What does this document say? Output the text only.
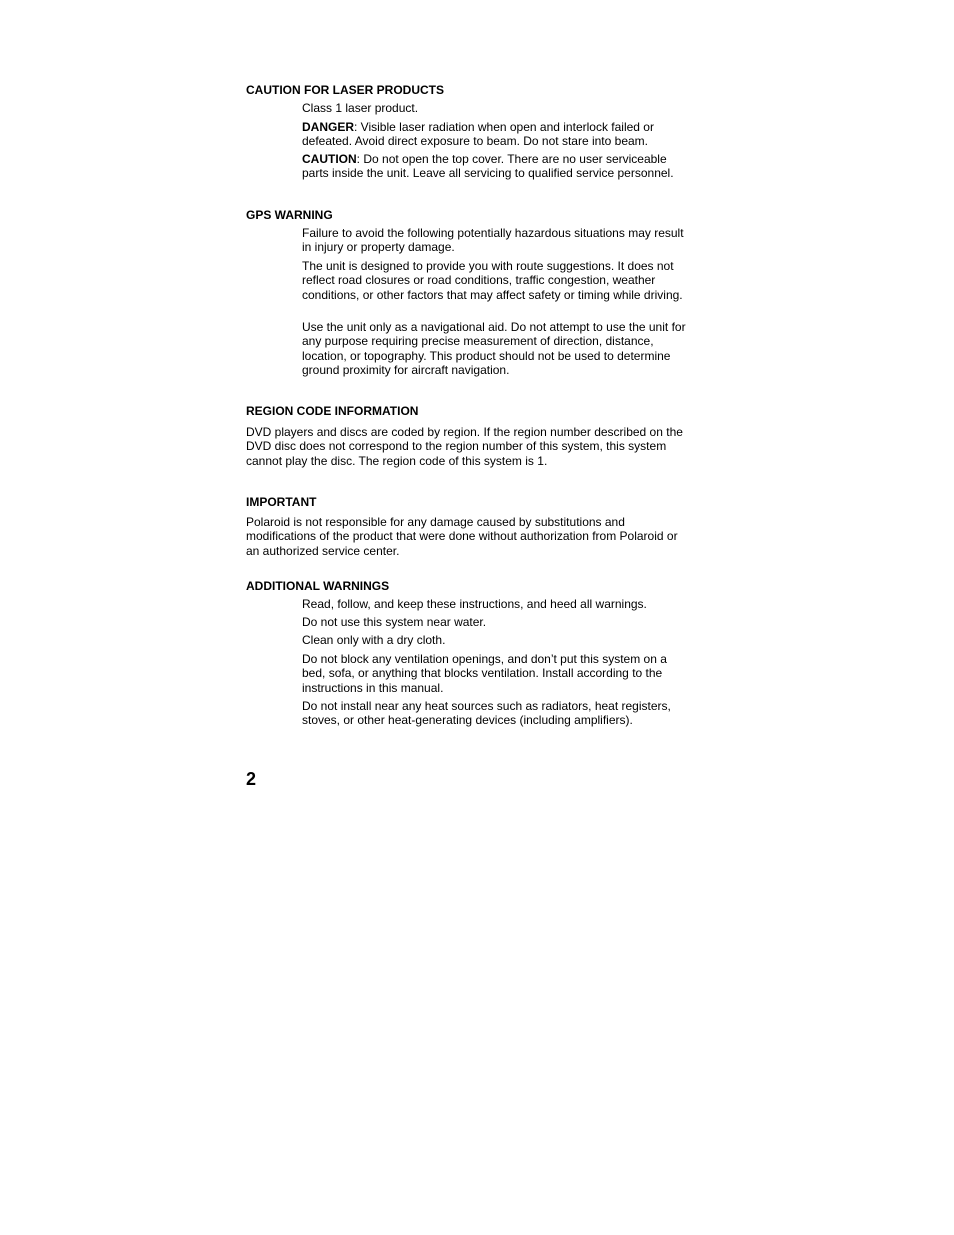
CAUTION FOR LASER PRODUCTS

Class 1 laser product.

DANGER: Visible laser radiation when open and interlock failed or defeated. Avoid direct exposure to beam. Do not stare into beam.

CAUTION: Do not open the top cover. There are no user serviceable parts inside the unit. Leave all servicing to qualified service personnel.

GPS WARNING

Failure to avoid the following potentially hazardous situations may result in injury or property damage.

The unit is designed to provide you with route suggestions. It does not reflect road closures or road conditions, traffic congestion, weather conditions, or other factors that may affect safety or timing while driving.

Use the unit only as a navigational aid. Do not attempt to use the unit for any purpose requiring precise measurement of direction, distance, location, or topography. This product should not be used to determine ground proximity for aircraft navigation.

REGION CODE INFORMATION

DVD players and discs are coded by region. If the region number described on the DVD disc does not correspond to the region number of this system, this system cannot play the disc. The region code of this system is 1.

IMPORTANT

Polaroid is not responsible for any damage caused by substitutions and modifications of the product that were done without authorization from Polaroid or an authorized service center.

ADDITIONAL WARNINGS

Read, follow, and keep these instructions, and heed all warnings.

Do not use this system near water.

Clean only with a dry cloth.

Do not block any ventilation openings, and don’t put this system on a bed, sofa, or anything that blocks ventilation. Install according to the instructions in this manual.

Do not install near any heat sources such as radiators, heat registers, stoves, or other heat-generating devices (including amplifiers).

2
